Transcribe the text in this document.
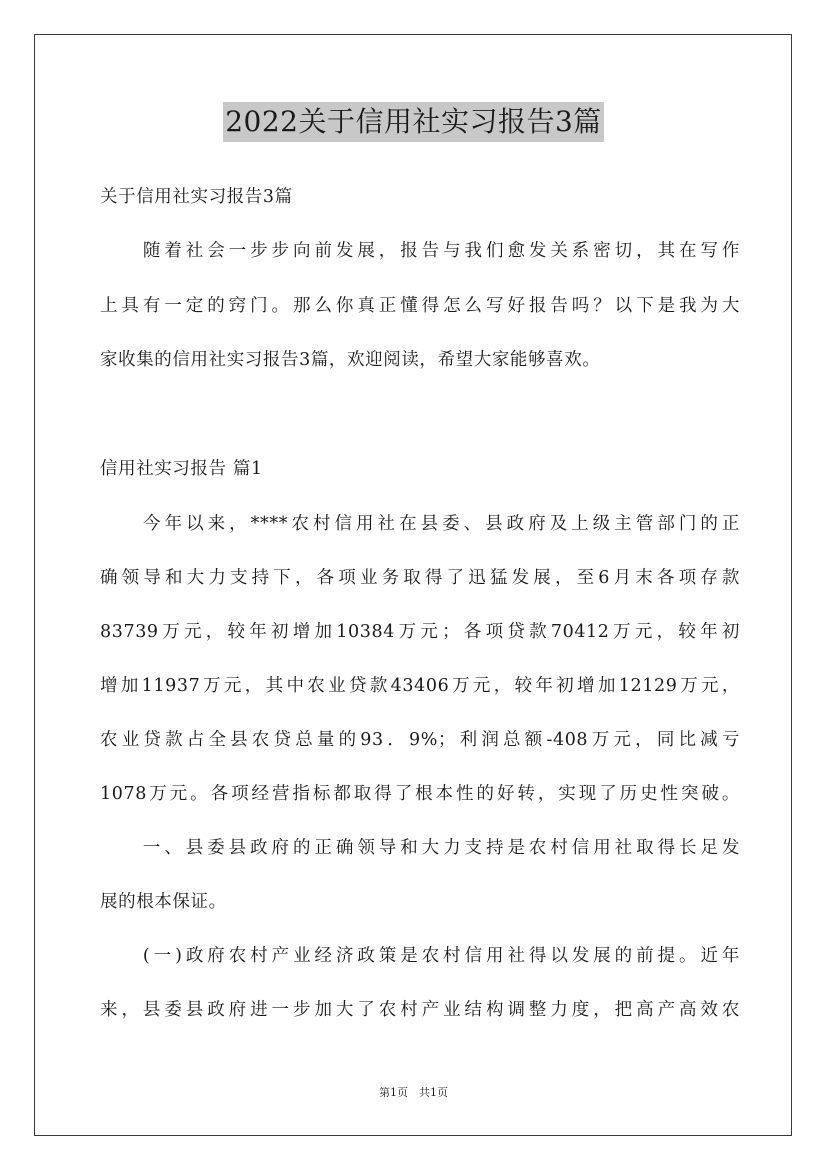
2022关于信用社实习报告3篇
关于信用社实习报告3篇
　　随着社会一步步向前发展，报告与我们愈发关系密切，其在写作
上具有一定的窍门。那么你真正懂得怎么写好报告吗？以下是我为大
家收集的信用社实习报告3篇，欢迎阅读，希望大家能够喜欢。
信用社实习报告 篇1
　　今年以来，****农村信用社在县委、县政府及上级主管部门的正
确领导和大力支持下，各项业务取得了迅猛发展，至6月末各项存款
83739万元，较年初增加10384万元；各项贷款70412万元，较年初
增加11937万元，其中农业贷款43406万元，较年初增加12129万元，
农业贷款占全县农贷总量的93．9%；利润总额-408万元，同比减亏
1078万元。各项经营指标都取得了根本性的好转，实现了历史性突破。
　　一、县委县政府的正确领导和大力支持是农村信用社取得长足发
展的根本保证。
　　(一)政府农村产业经济政策是农村信用社得以发展的前提。近年
来，县委县政府进一步加大了农村产业结构调整力度，把高产高效农
第1页　共1页
